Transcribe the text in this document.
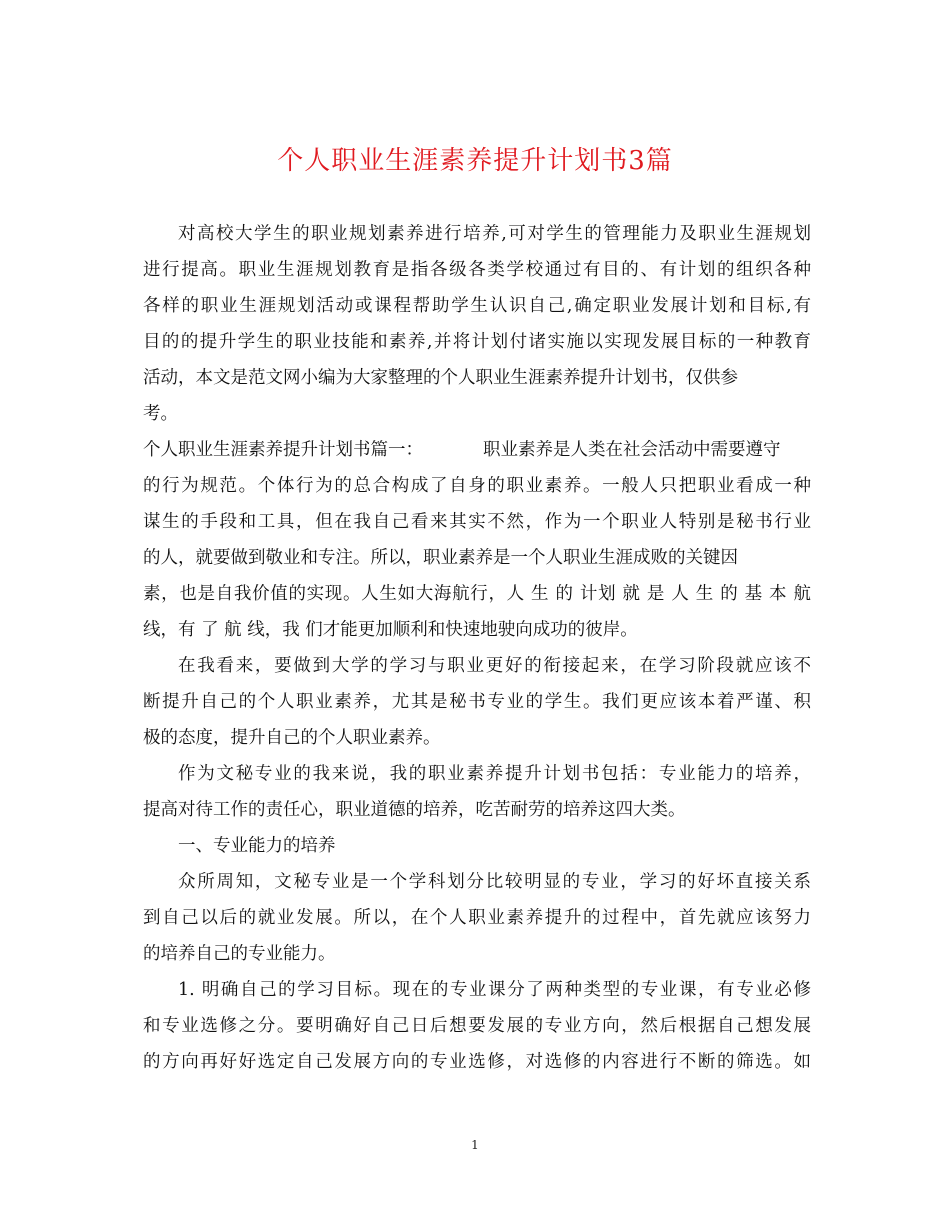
个人职业生涯素养提升计划书3篇
对高校大学生的职业规划素养进行培养,可对学生的管理能力及职业生涯规划
进行提高。职业生涯规划教育是指各级各类学校通过有目的、有计划的组织各种
各样的职业生涯规划活动或课程帮助学生认识自己,确定职业发展计划和目标,有
目的的提升学生的职业技能和素养,并将计划付诸实施以实现发展目标的一种教育
活动，本文是范文网小编为大家整理的个人职业生涯素养提升计划书，仅供参
考。
个人职业生涯素养提升计划书篇一：	职业素养是人类在社会活动中需要遵守
的行为规范。个体行为的总合构成了自身的职业素养。一般人只把职业看成一种
谋生的手段和工具，但在我自己看来其实不然，作为一个职业人特别是秘书行业
的人，就要做到敬业和专注。所以，职业素养是一个人职业生涯成败的关键因
素，也是自我价值的实现。人生如大海航行，人 生 的 计划 就 是 人 生 的 基 本 航
线，有 了 航 线，我 们才能更加顺利和快速地驶向成功的彼岸。
在我看来，要做到大学的学习与职业更好的衔接起来，在学习阶段就应该不
断提升自己的个人职业素养，尤其是秘书专业的学生。我们更应该本着严谨、积
极的态度，提升自己的个人职业素养。
作为文秘专业的我来说，我的职业素养提升计划书包括：专业能力的培养，
提高对待工作的责任心，职业道德的培养，吃苦耐劳的培养这四大类。
一、专业能力的培养
众所周知，文秘专业是一个学科划分比较明显的专业，学习的好坏直接关系
到自己以后的就业发展。所以，在个人职业素养提升的过程中，首先就应该努力
的培养自己的专业能力。
1. 明确自己的学习目标。现在的专业课分了两种类型的专业课，有专业必修
和专业选修之分。要明确好自己日后想要发展的专业方向，然后根据自己想发展
的方向再好好选定自己发展方向的专业选修，对选修的内容进行不断的筛选。如
1
